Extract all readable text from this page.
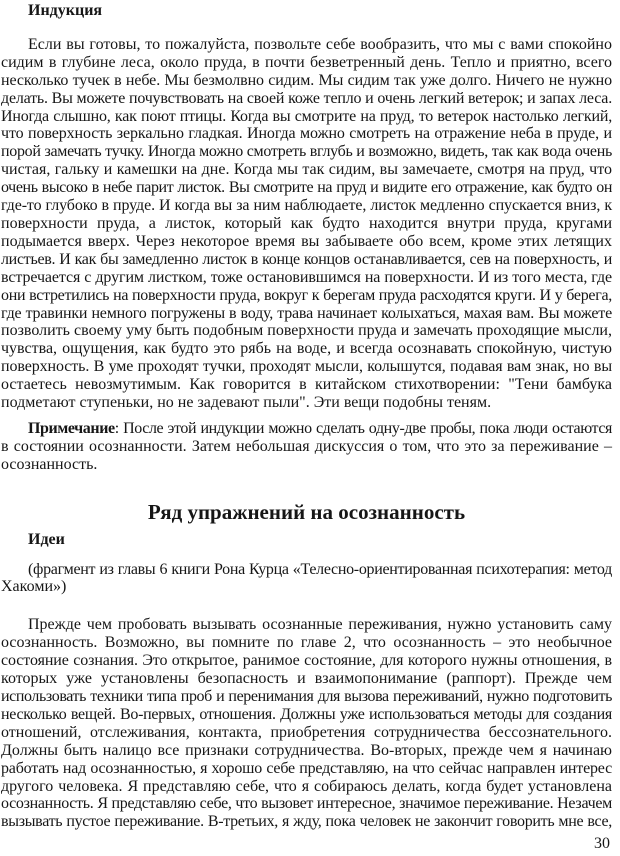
Индукция
Если вы готовы, то пожалуйста, позвольте себе вообразить, что мы с вами спокойно
сидим в глубине леса, около пруда, в почти безветренный день. Тепло и приятно, всего
несколько тучек в небе. Мы безмолвно сидим. Мы сидим так уже долго. Ничего не нужно
делать. Вы можете почувствовать на своей коже тепло и очень легкий ветерок; и запах леса.
Иногда слышно, как поют птицы. Когда вы смотрите на пруд, то ветерок настолько легкий,
что поверхность зеркально гладкая. Иногда можно смотреть на отражение неба в пруде, и
порой замечать тучку. Иногда можно смотреть вглубь и возможно, видеть, так как вода очень
чистая, гальку и камешки на дне. Когда мы так сидим, вы замечаете, смотря на пруд, что
очень высоко в небе парит листок. Вы смотрите на пруд и видите его отражение, как будто он
где-то глубоко в пруде. И когда вы за ним наблюдаете, листок медленно спускается вниз, к
поверхности пруда, а листок, который как будто находится внутри пруда, кругами
подымается вверх. Через некоторое время вы забываете обо всем, кроме этих летящих
листьев. И как бы замедленно листок в конце концов останавливается, сев на поверхность, и
встречается с другим листком, тоже остановившимся на поверхности. И из того места, где
они встретились на поверхности пруда, вокруг к берегам пруда расходятся круги. И у берега,
где травинки немного погружены в воду, трава начинает колыхаться, махая вам. Вы можете
позволить своему уму быть подобным поверхности пруда и замечать проходящие мысли,
чувства, ощущения, как будто это рябь на воде, и всегда осознавать спокойную, чистую
поверхность. В уме проходят тучки, проходят мысли, колышутся, подавая вам знак, но вы
остаетесь невозмутимым. Как говорится в китайском стихотворении: "Тени бамбука
подметают ступеньки, но не задевают пыли". Эти вещи подобны теням.
Примечание: После этой индукции можно сделать одну-две пробы, пока люди остаются
в состоянии осознанности. Затем небольшая дискуссия о том, что это за переживание –
осознанность.
Ряд упражнений на осознанность
Идеи
(фрагмент из главы 6 книги Рона Курца «Телесно-ориентированная психотерапия: метод
Хакоми»)
Прежде чем пробовать вызывать осознанные переживания, нужно установить саму
осознанность. Возможно, вы помните по главе 2, что осознанность – это необычное
состояние сознания. Это открытое, ранимое состояние, для которого нужны отношения, в
которых уже установлены безопасность и взаимопонимание (раппорт). Прежде чем
использовать техники типа проб и перенимания для вызова переживаний, нужно подготовить
несколько вещей. Во-первых, отношения. Должны уже использоваться методы для создания
отношений, отслеживания, контакта, приобретения сотрудничества бессознательного.
Должны быть налицо все признаки сотрудничества. Во-вторых, прежде чем я начинаю
работать над осознанностью, я хорошо себе представляю, на что сейчас направлен интерес
другого человека. Я представляю себе, что я собираюсь делать, когда будет установлена
осознанность. Я представляю себе, что вызовет интересное, значимое переживание. Незачем
вызывать пустое переживание. В-третьих, я жду, пока человек не закончит говорить мне все,
30
